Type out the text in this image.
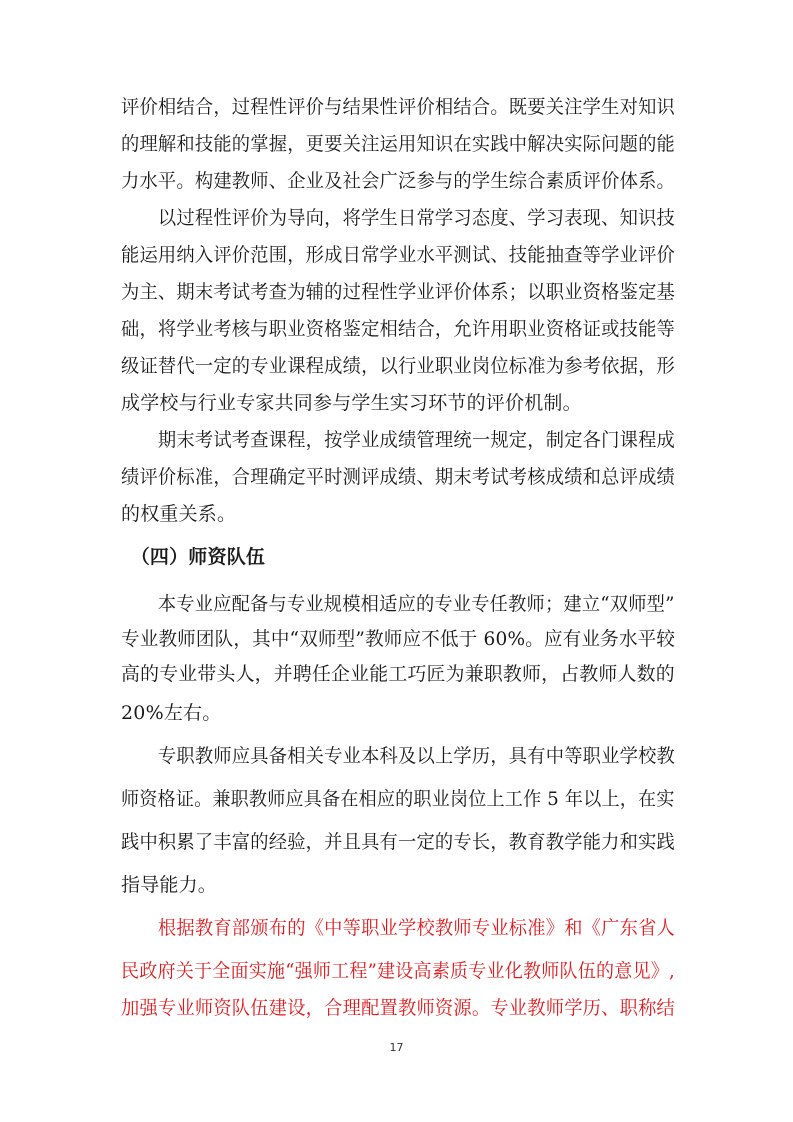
评价相结合，过程性评价与结果性评价相结合。既要关注学生对知识
的理解和技能的掌握，更要关注运用知识在实践中解决实际问题的能
力水平。构建教师、企业及社会广泛参与的学生综合素质评价体系。
　　以过程性评价为导向，将学生日常学习态度、学习表现、知识技
能运用纳入评价范围，形成日常学业水平测试、技能抽查等学业评价
为主、期末考试考查为辅的过程性学业评价体系；以职业资格鉴定基
础，将学业考核与职业资格鉴定相结合，允许用职业资格证或技能等
级证替代一定的专业课程成绩，以行业职业岗位标准为参考依据，形
成学校与行业专家共同参与学生实习环节的评价机制。
　　期末考试考查课程，按学业成绩管理统一规定，制定各门课程成
绩评价标准，合理确定平时测评成绩、期末考试考核成绩和总评成绩
的权重关系。
　（四）师资队伍
　　本专业应配备与专业规模相适应的专业专任教师；建立“双师型”
专业教师团队，其中“双师型”教师应不低于 60%。应有业务水平较
高的专业带头人，并聘任企业能工巧匠为兼职教师，占教师人数的
20%左右。
　　专职教师应具备相关专业本科及以上学历，具有中等职业学校教
师资格证。兼职教师应具备在相应的职业岗位上工作 5 年以上，在实
践中积累了丰富的经验，并且具有一定的专长，教育教学能力和实践
指导能力。
　　根据教育部颁布的《中等职业学校教师专业标准》和《广东省人
民政府关于全面实施“强师工程”建设高素质专业化教师队伍的意见》,
加强专业师资队伍建设，合理配置教师资源。专业教师学历、职称结
17
